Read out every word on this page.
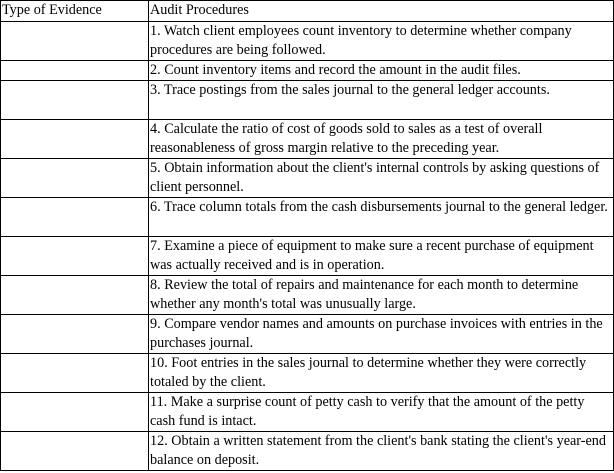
Type of Evidence	Audit Procedures
	1. Watch client employees count inventory to determine whether company procedures are being followed.
	2. Count inventory items and record the amount in the audit files.
	3. Trace postings from the sales journal to the general ledger accounts.
	4. Calculate the ratio of cost of goods sold to sales as a test of overall reasonableness of gross margin relative to the preceding year.
	5. Obtain information about the client's internal controls by asking questions of client personnel.
	6. Trace column totals from the cash disbursements journal to the general ledger.
	7. Examine a piece of equipment to make sure a recent purchase of equipment was actually received and is in operation.
	8. Review the total of repairs and maintenance for each month to determine whether any month's total was unusually large.
	9. Compare vendor names and amounts on purchase invoices with entries in the purchases journal.
	10. Foot entries in the sales journal to determine whether they were correctly totaled by the client.
	11. Make a surprise count of petty cash to verify that the amount of the petty cash fund is intact.
	12. Obtain a written statement from the client's bank stating the client's year-end balance on deposit.
